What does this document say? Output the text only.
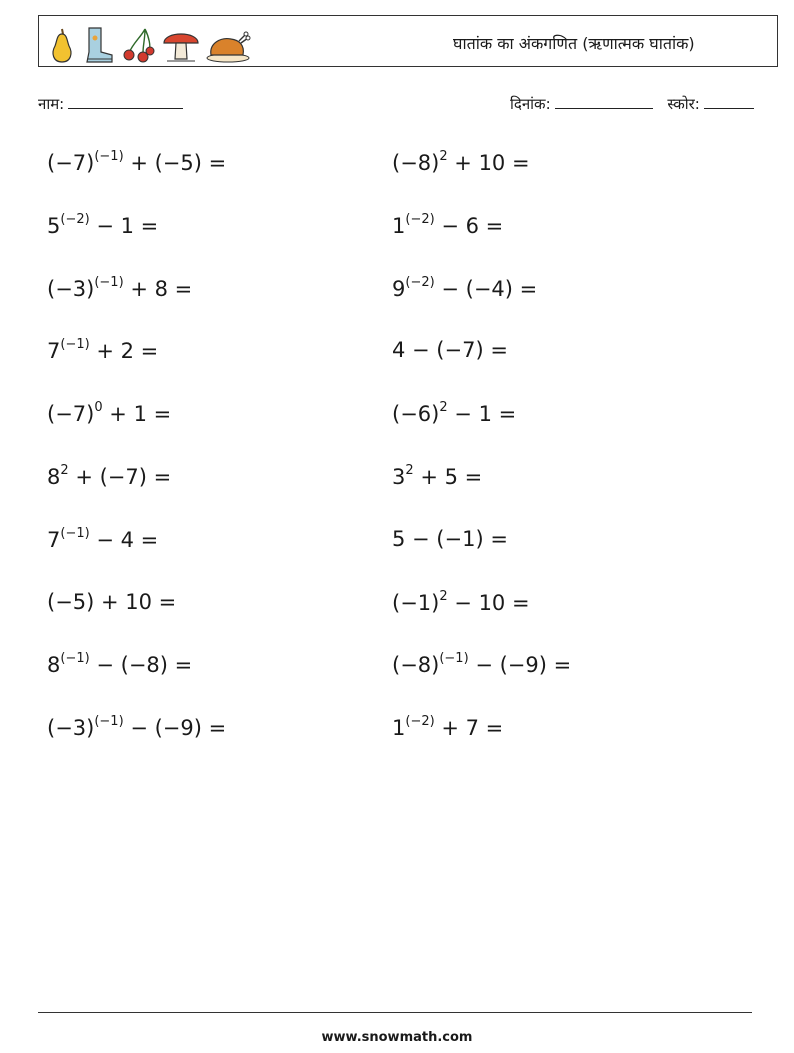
घातांक का अंकगणित (ऋणात्मक घातांक)
नाम:	दिनांक:	स्कोर:
$(-7)^{(-1)} + (-5)$ =	$(-8)^2 + 10$ =
$5^{(-2)} - 1$ =	$1^{(-2)} - 6$ =
$(-3)^{(-1)} + 8$ =	$9^{(-2)} - (-4)$ =
$7^{(-1)} + 2$ =	4 − (−7) =
$(-7)^0 + 1$ =	$(-6)^2 - 1$ =
$8^2 + (-7)$ =	$3^2 + 5$ =
$7^{(-1)} - 4$ =	5 − (−1) =
(−5) + 10 =	$(-1)^2 - 10$ =
$8^{(-1)} - (-8)$ =	$(-8)^{(-1)} - (-9)$ =
$(-3)^{(-1)} - (-9)$ =	$1^{(-2)} + 7$ =
www.snowmath.com
